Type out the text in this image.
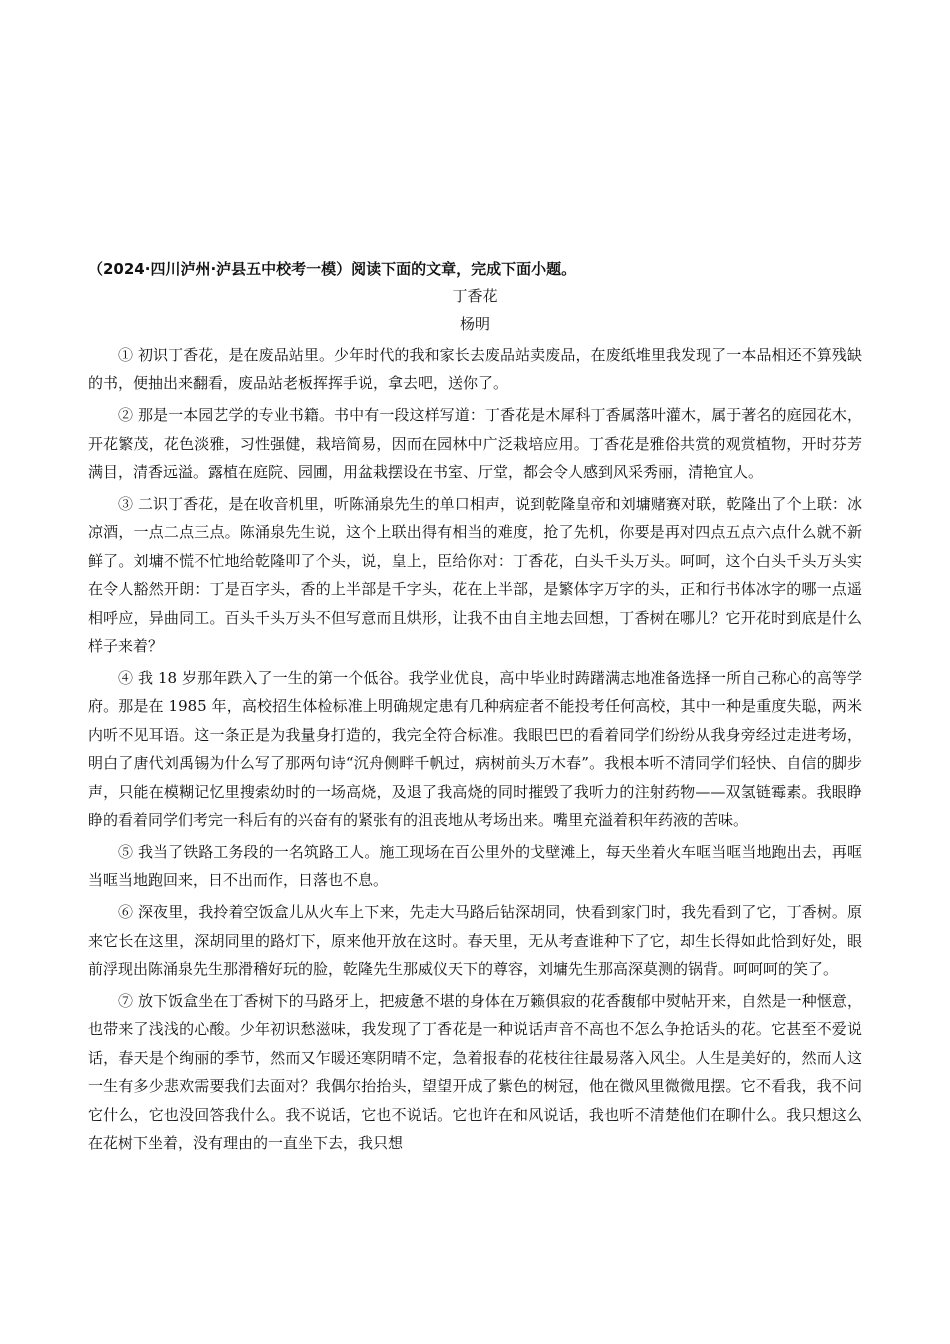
（2024·四川泸州·泸县五中校考一模）阅读下面的文章，完成下面小题。

丁香花

杨明

① 初识丁香花，是在废品站里。少年时代的我和家长去废品站卖废品，在废纸堆里我发现了一本品相还不算残缺的书，便抽出来翻看，废品站老板挥挥手说，拿去吧，送你了。

② 那是一本园艺学的专业书籍。书中有一段这样写道：丁香花是木犀科丁香属落叶灌木，属于著名的庭园花木，开花繁茂，花色淡雅，习性强健，栽培简易，因而在园林中广泛栽培应用。丁香花是雅俗共赏的观赏植物，开时芬芳满目，清香远溢。露植在庭院、园圃，用盆栽摆设在书室、厅堂，都会令人感到风采秀丽，清艳宜人。

③ 二识丁香花，是在收音机里，听陈涌泉先生的单口相声，说到乾隆皇帝和刘墉赌赛对联，乾隆出了个上联：冰凉酒，一点二点三点。陈涌泉先生说，这个上联出得有相当的难度，抢了先机，你要是再对四点五点六点什么就不新鲜了。刘墉不慌不忙地给乾隆叩了个头，说，皇上，臣给你对：丁香花，白头千头万头。呵呵，这个白头千头万头实在令人豁然开朗：丁是百字头，香的上半部是千字头，花在上半部，是繁体字万字的头，正和行书体冰字的哪一点遥相呼应，异曲同工。百头千头万头不但写意而且烘形，让我不由自主地去回想，丁香树在哪儿？它开花时到底是什么样子来着？

④ 我 18 岁那年跌入了一生的第一个低谷。我学业优良，高中毕业时踌躇满志地准备选择一所自己称心的高等学府。那是在 1985 年，高校招生体检标准上明确规定患有几种病症者不能投考任何高校，其中一种是重度失聪，两米内听不见耳语。这一条正是为我量身打造的，我完全符合标准。我眼巴巴的看着同学们纷纷从我身旁经过走进考场，明白了唐代刘禹锡为什么写了那两句诗“沉舟侧畔千帆过，病树前头万木春”。我根本听不清同学们轻快、自信的脚步声，只能在模糊记忆里搜索幼时的一场高烧，及退了我高烧的同时摧毁了我听力的注射药物——双氢链霉素。我眼睁睁的看着同学们考完一科后有的兴奋有的紧张有的沮丧地从考场出来。嘴里充溢着积年药液的苦味。

⑤ 我当了铁路工务段的一名筑路工人。施工现场在百公里外的戈壁滩上，每天坐着火车哐当哐当地跑出去，再哐当哐当地跑回来，日不出而作，日落也不息。

⑥ 深夜里，我拎着空饭盒儿从火车上下来，先走大马路后钻深胡同，快看到家门时，我先看到了它，丁香树。原来它长在这里，深胡同里的路灯下，原来他开放在这时。春天里，无从考查谁种下了它，却生长得如此恰到好处，眼前浮现出陈涌泉先生那滑稽好玩的脸，乾隆先生那威仪天下的尊容，刘墉先生那高深莫测的锅背。呵呵呵的笑了。

⑦ 放下饭盒坐在丁香树下的马路牙上，把疲惫不堪的身体在万籁俱寂的花香馥郁中熨帖开来，自然是一种惬意，也带来了浅浅的心酸。少年初识愁滋味，我发现了丁香花是一种说话声音不高也不怎么争抢话头的花。它甚至不爱说话，春天是个绚丽的季节，然而又乍暖还寒阴晴不定，急着报春的花枝往往最易落入风尘。人生是美好的，然而人这一生有多少悲欢需要我们去面对？我偶尔抬抬头，望望开成了紫色的树冠，他在微风里微微甩摆。它不看我，我不问它什么，它也没回答我什么。我不说话，它也不说话。它也许在和风说话，我也听不清楚他们在聊什么。我只想这么在花树下坐着，没有理由的一直坐下去，我只想
